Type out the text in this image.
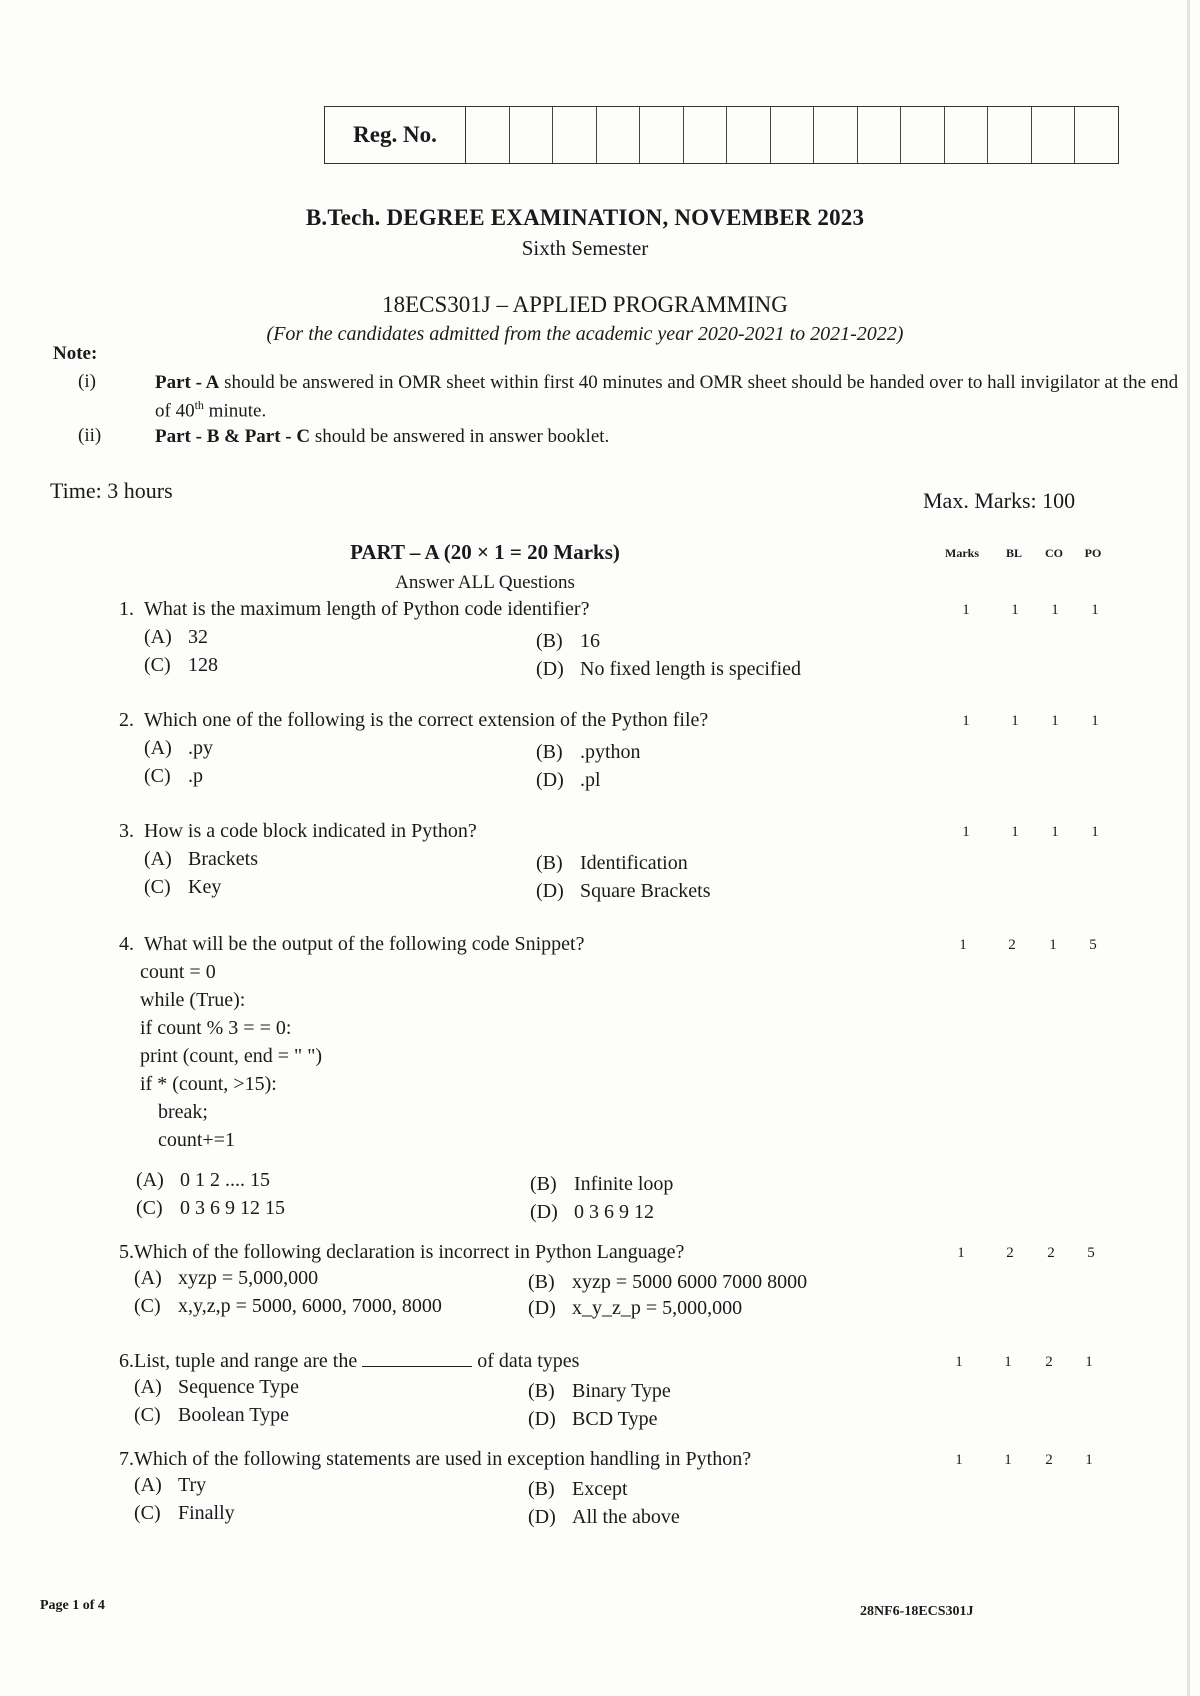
Reg. No.
B.Tech. DEGREE EXAMINATION, NOVEMBER 2023
Sixth Semester
18ECS301J – APPLIED PROGRAMMING
(For the candidates admitted from the academic year 2020-2021 to 2021-2022)
Note:
(i)	Part - A should be answered in OMR sheet within first 40 minutes and OMR sheet should be handed over to hall invigilator at the end of 40th minute.
(ii)	Part - B & Part - C should be answered in answer booklet.
Time: 3 hours	Max. Marks: 100
PART – A (20 × 1 = 20 Marks)
Answer ALL Questions
Marks	BL	CO	PO
1. What is the maximum length of Python code identifier?
(A) 32	(B) 16
(C) 128	(D) No fixed length is specified
1	1	1	1
2. Which one of the following is the correct extension of the Python file?
(A) .py	(B) .python
(C) .p	(D) .pl
1	1	1	1
3. How is a code block indicated in Python?
(A) Brackets	(B) Identification
(C) Key	(D) Square Brackets
1	1	1	1
4. What will be the output of the following code Snippet?
count = 0
while (True):
if count % 3 = = 0:
print (count, end = " ")
if * (count, >15):
break;
count+=1
(A) 0 1 2 .... 15	(B) Infinite loop
(C) 0 3 6 9 12 15	(D) 0 3 6 9 12
1	2	1	5
5. Which of the following declaration is incorrect in Python Language?
(A) xyzp = 5,000,000	(B) xyzp = 5000 6000 7000 8000
(C) x,y,z,p = 5000, 6000, 7000, 8000	(D) x_y_z_p = 5,000,000
1	2	2	5
6. List, tuple and range are the	of data types
(A) Sequence Type	(B) Binary Type
(C) Boolean Type	(D) BCD Type
1	1	2	1
7. Which of the following statements are used in exception handling in Python?
(A) Try	(B) Except
(C) Finally	(D) All the above
1	1	2	1
Page 1 of 4	28NF6-18ECS301J
